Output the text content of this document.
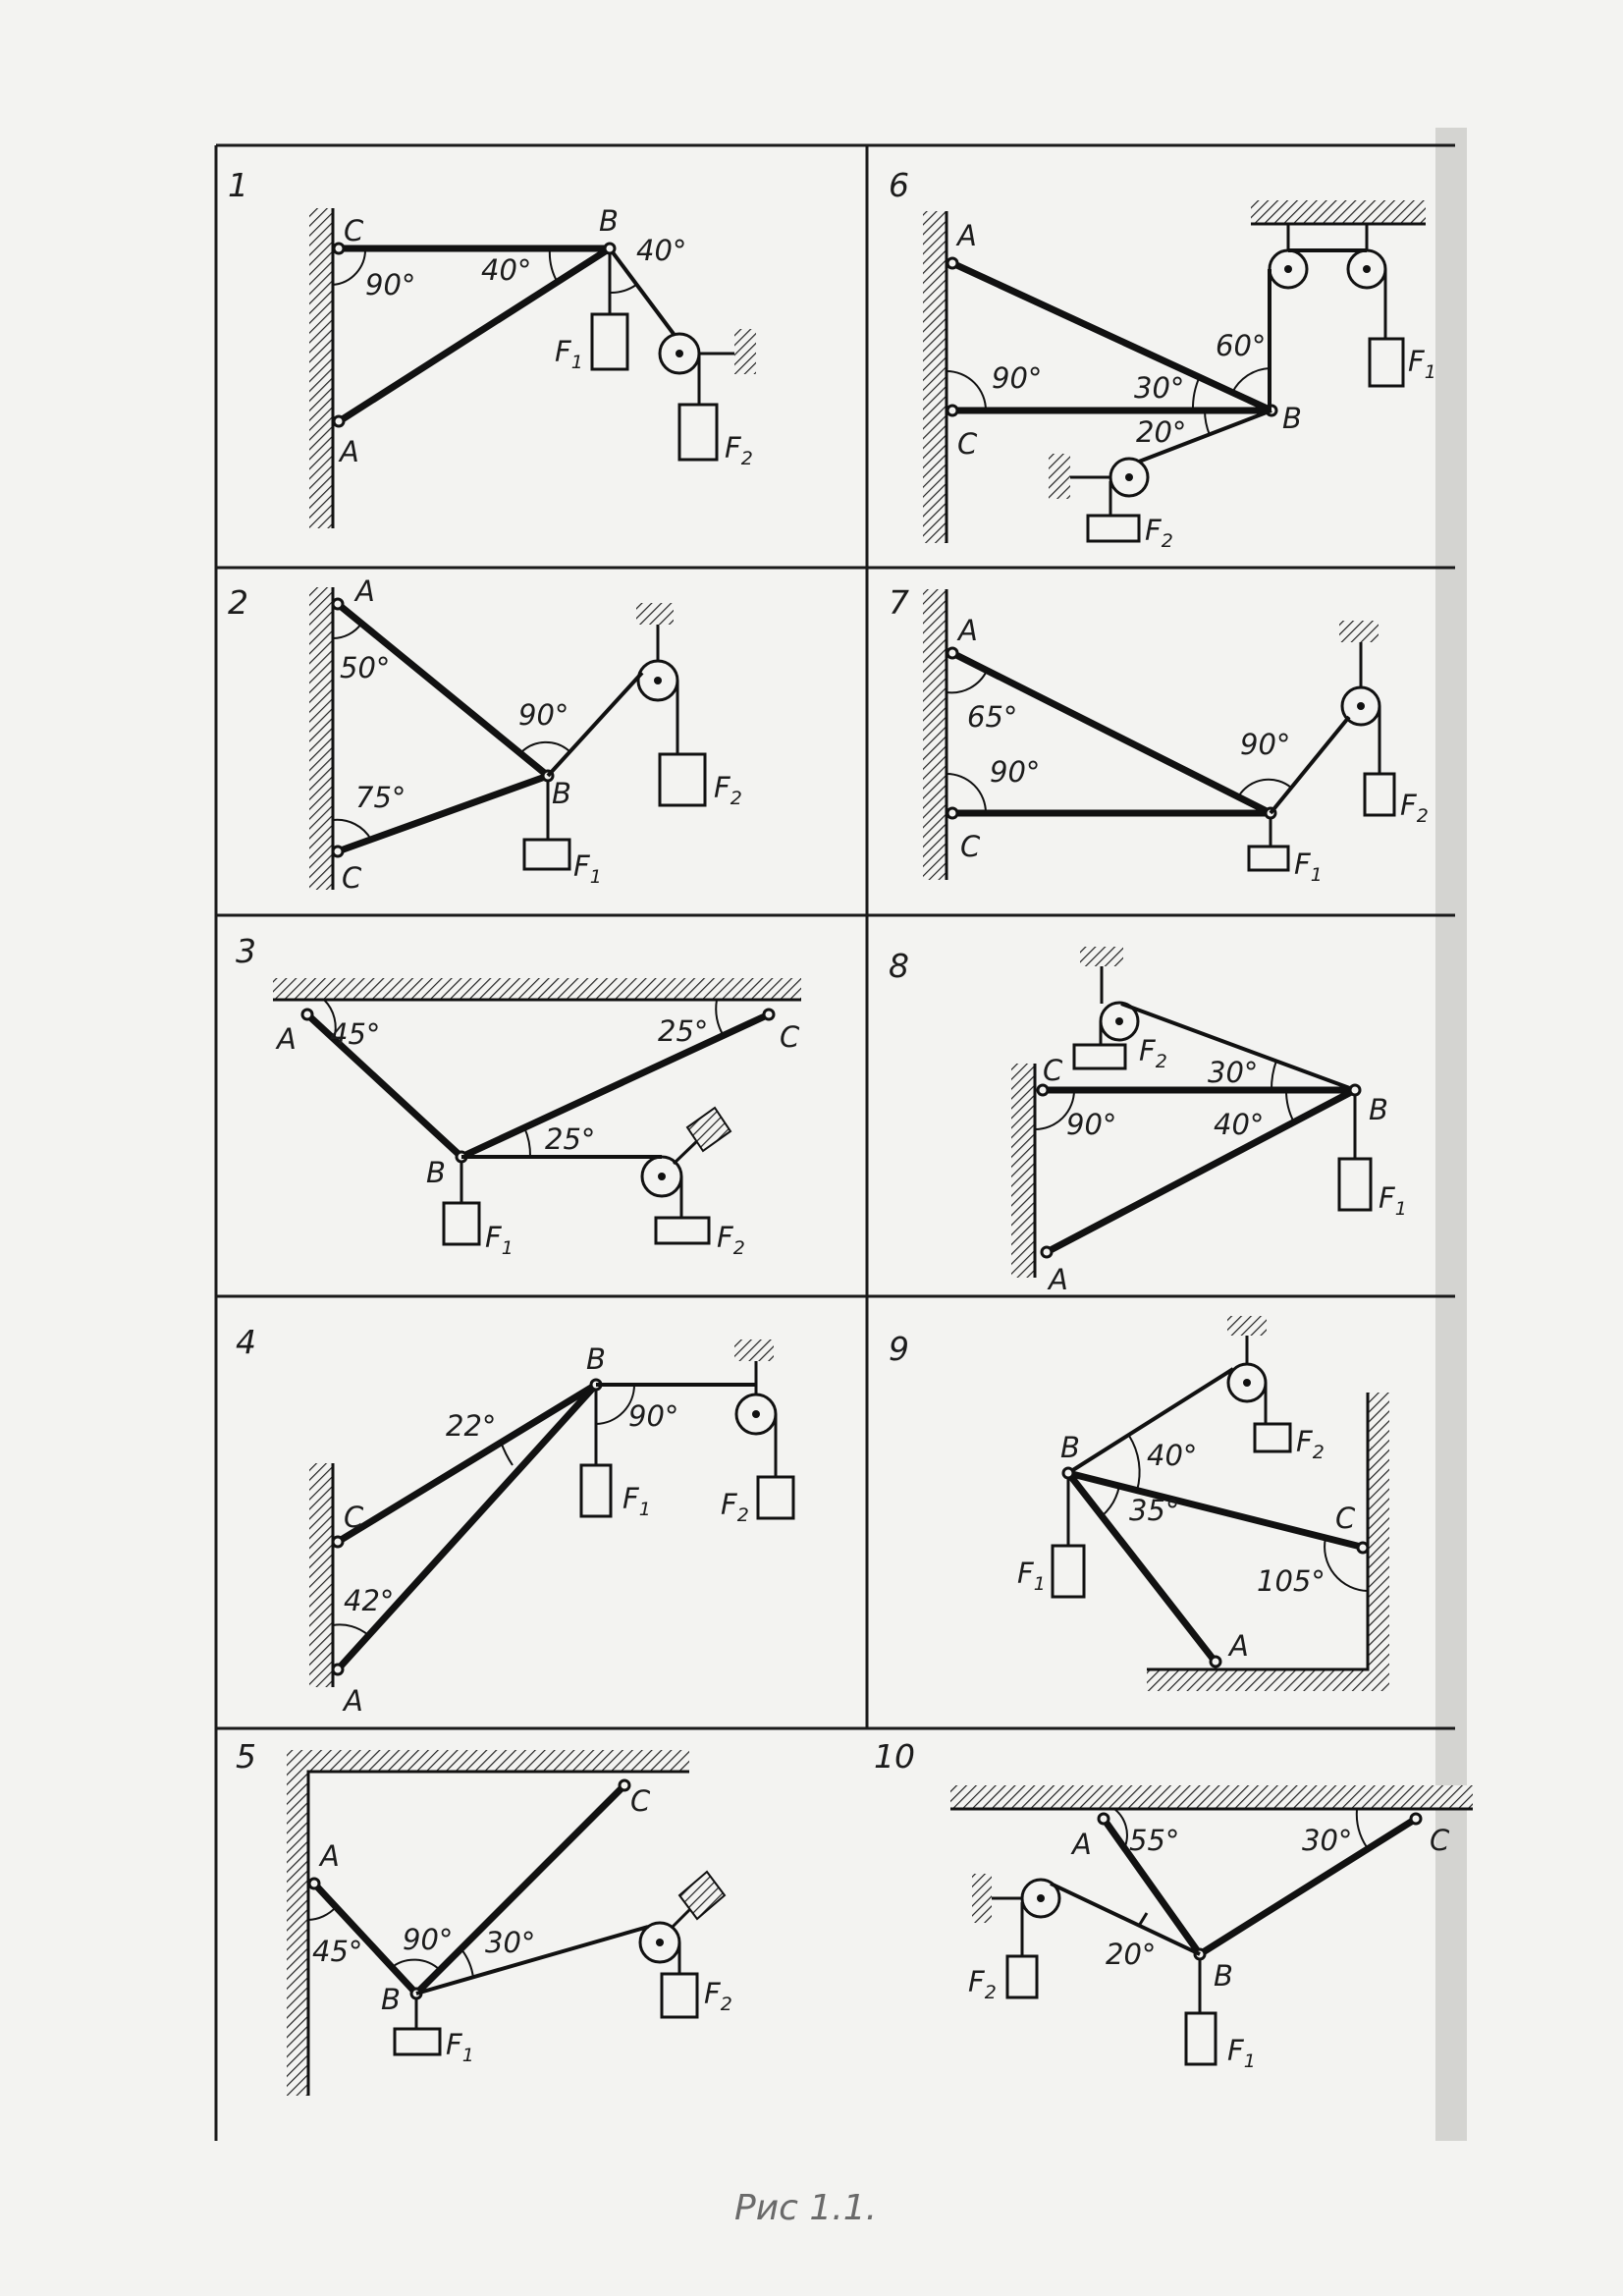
1
C
A
B
90° 40°
40°
$F_1$
$F_2$
2	A
C
B
50°
75°
90°
$F_1$
$F_2$
3
A	C
B
45°	25°
25°
$F_1$	$F_2$
4	B
C
A
22°	90°
42°
$F_1$ $F_2$
5
A
C
B
45° 90° 30°
$F_1$
$F_2$
6
A
C
B
90°	30°
20°
60°	$F_1$
$F_2$
7
A
C
65°
90°
90°
$F_1$
$F_2$
8
C
A
B
30°
90°	40°
$F_1$
$F_2$
9
B
C
A
40°
35°
105°
$F_1$
$F_2$
10
A	C
B
55°	30°
20°
$F_1$
$F_2$
Рис 1.1.
